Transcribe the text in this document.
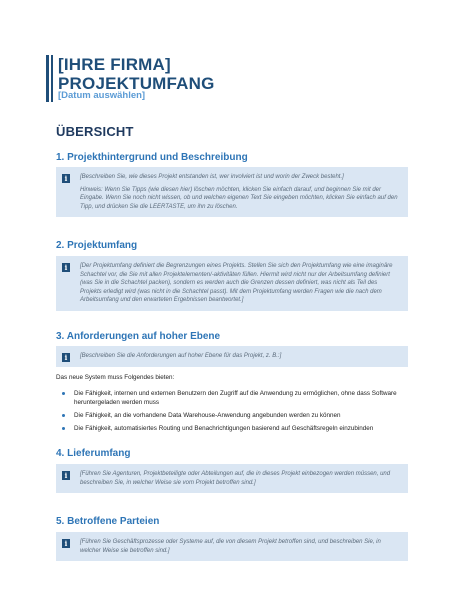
[IHRE FIRMA]
PROJEKTUMFANG
[Datum auswählen]
ÜBERSICHT
1. Projekthintergrund und Beschreibung
i	[Beschreiben Sie, wie dieses Projekt entstanden ist, wer involviert ist und worin der Zweck besteht.]

Hinweis: Wenn Sie Tipps (wie diesen hier) löschen möchten, klicken Sie einfach darauf, und beginnen Sie mit der Eingabe. Wenn Sie noch nicht wissen, ob und welchen eigenen Text Sie eingeben möchten, klicken Sie einfach auf den Tipp, und drücken Sie die LEERTASTE, um ihn zu löschen.

2. Projektumfang
i	[Der Projektumfang definiert die Begrenzungen eines Projekts. Stellen Sie sich den Projektumfang wie eine imaginäre Schachtel vor, die Sie mit allen Projektelementen/-aktivitäten füllen. Hiermit wird nicht nur der Arbeitsumfang definiert (was Sie in die Schachtel packen), sondern es werden auch die Grenzen dessen definiert, was nicht als Teil des Projekts erledigt wird (was nicht in die Schachtel passt). Mit dem Projektumfang werden Fragen wie die nach dem Arbeitsumfang und den erwarteten Ergebnissen beantwortet.]

3. Anforderungen auf hoher Ebene
i	[Beschreiben Sie die Anforderungen auf hoher Ebene für das Projekt, z. B.:]

Das neue System muss Folgendes bieten:
Die Fähigkeit, internen und externen Benutzern den Zugriff auf die Anwendung zu ermöglichen, ohne dass Software heruntergeladen werden muss
Die Fähigkeit, an die vorhandene Data Warehouse-Anwendung angebunden werden zu können
Die Fähigkeit, automatisiertes Routing und Benachrichtigungen basierend auf Geschäftsregeln einzubinden
4. Lieferumfang
i	[Führen Sie Agenturen, Projektbeteiligte oder Abteilungen auf, die in dieses Projekt einbezogen werden müssen, und beschreiben Sie, in welcher Weise sie vom Projekt betroffen sind.]

5. Betroffene Parteien
i	[Führen Sie Geschäftsprozesse oder Systeme auf, die von diesem Projekt betroffen sind, und beschreiben Sie, in welcher Weise sie betroffen sind.]
